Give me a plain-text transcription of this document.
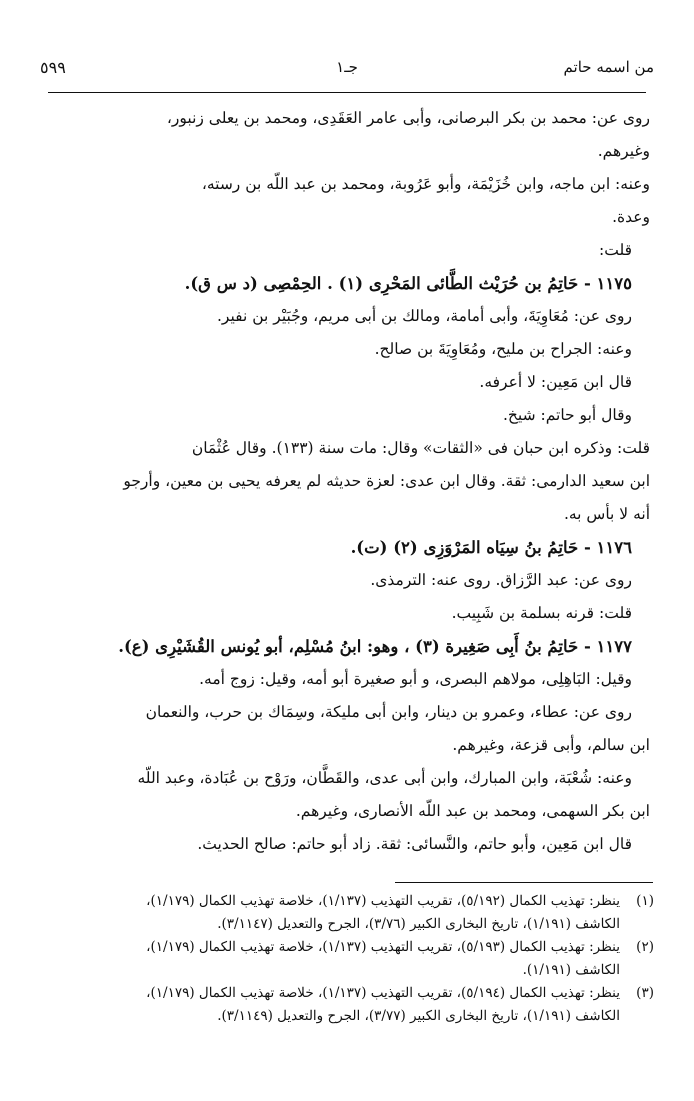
من اسمه حاتم
جـ١
٥٩٩
روى عن: محمد بن بكر البرصانى، وأبى عامر العَقَدِى، ومحمد بن يعلى زنبور،
وغيرهم.
وعنه: ابن ماجه، وابن خُزَيْمَة، وأبو عَرُوبة، ومحمد بن عبد اللّه بن رسته،
وعدة.
قلت:
١١٧٥ - حَاتِمُ بن حُرَيْث الطَّائى المَحْرِى (١) . الحِمْصِى (د س ق).
روى عن: مُعَاوِيَةَ، وأبى أمامة، ومالك بن أبى مريم، وجُبَيْر بن نفير.
وعنه: الجراح بن مليح، ومُعَاوِيَةَ بن صالح.
قال ابن مَعِين: لا أعرفه.
وقال أبو حاتم: شيخ.
قلت: وذكره ابن حبان فى «الثقات» وقال: مات سنة (١٣٣). وقال عُثْمَان
ابن سعيد الدارمى: ثقة. وقال ابن عدى: لعزة حديثه لم يعرفه يحيى بن معين، وأرجو
أنه لا بأس به.
١١٧٦ - حَاتِمُ بنُ سِيَاه المَرْوَزِى (٢) (ت).
روى عن: عبد الرَّزاق. روى عنه: الترمذى.
قلت: قرنه بسلمة بن شَبِيب.
١١٧٧ - حَاتِمُ بنُ أَبِى صَغِيرة (٣) ، وهو: ابنُ مُسْلِم، أبو يُونس القُشَيْرِى (ع).
وقيل: البَاهِلِى، مولاهم البصرى، و أبو صغيرة أبو أمه، وقيل: زوج أمه.
روى عن: عطاء، وعمرو بن دينار، وابن أبى مليكة، وسِمَاك بن حرب، والنعمان
ابن سالم، وأبى قزعة، وغيرهم.
وعنه: شُعْبَة، وابن المبارك، وابن أبى عدى، والقَطَّان، ورَوْح بن عُبَادة، وعبد اللّه
ابن بكر السهمى، ومحمد بن عبد اللّه الأنصارى، وغيرهم.
قال ابن مَعِين، وأبو حاتم، والنَّسائى: ثقة. زاد أبو حاتم: صالح الحديث.
(١)
ينظر: تهذيب الكمال (٥/١٩٢)، تقريب التهذيب (١/١٣٧)، خلاصة تهذيب الكمال (١/١٧٩)،
الكاشف (١/١٩١)، تاريخ البخارى الكبير (٣/٧٦)، الجرح والتعديل (٣/١١٤٧).
(٢)
ينظر: تهذيب الكمال (٥/١٩٣)، تقريب التهذيب (١/١٣٧)، خلاصة تهذيب الكمال (١/١٧٩)،
الكاشف (١/١٩١).
(٣)
ينظر: تهذيب الكمال (٥/١٩٤)، تقريب التهذيب (١/١٣٧)، خلاصة تهذيب الكمال (١/١٧٩)،
الكاشف (١/١٩١)، تاريخ البخارى الكبير (٣/٧٧)، الجرح والتعديل (٣/١١٤٩).
